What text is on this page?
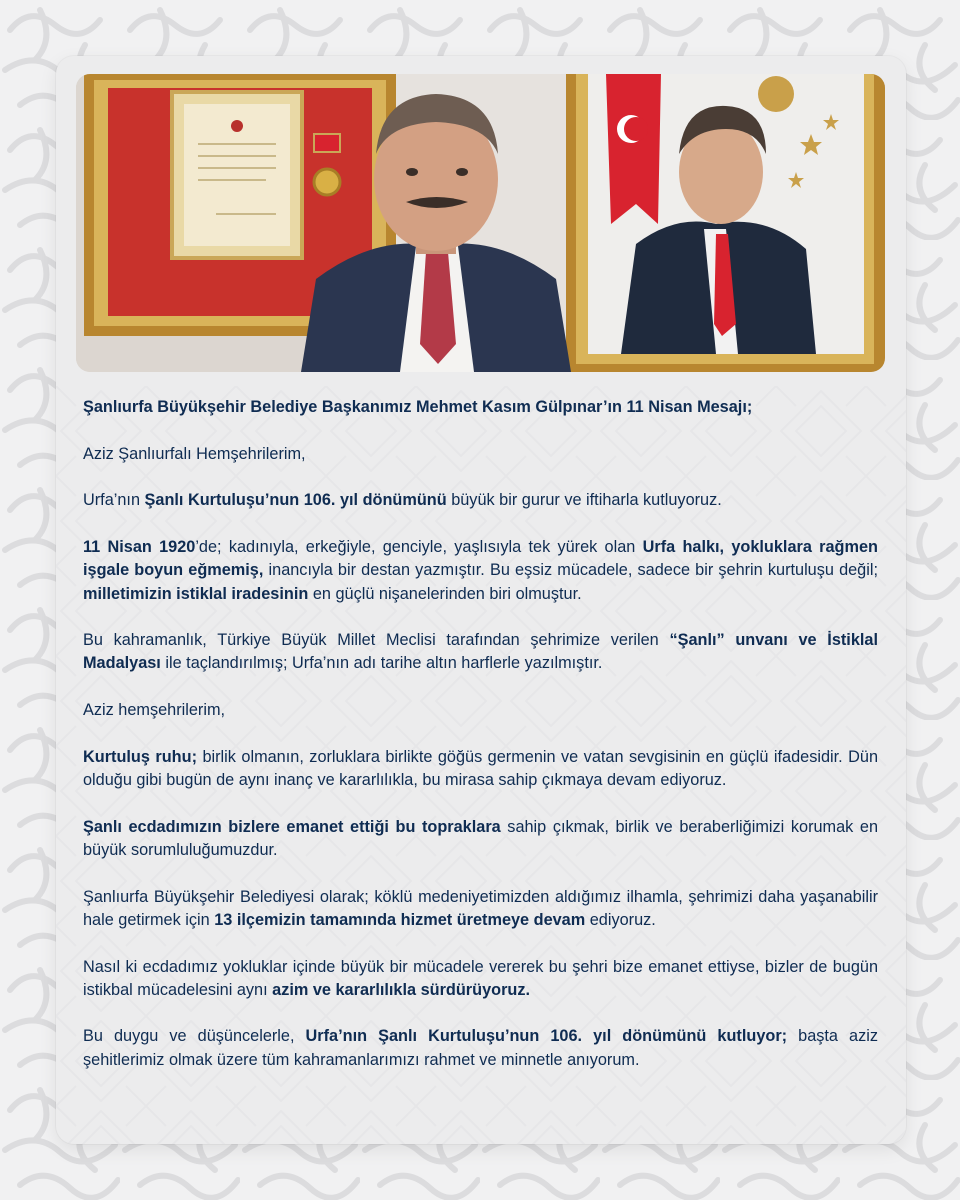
Şanlıurfa Büyükşehir Belediye Başkanımız Mehmet Kasım Gülpınar’ın 11 Nisan Mesajı;

Aziz Şanlıurfalı Hemşehrilerim,

Urfa’nın Şanlı Kurtuluşu’nun 106. yıl dönümünü büyük bir gurur ve iftiharla kutluyoruz.

11 Nisan 1920’de; kadınıyla, erkeğiyle, genciyle, yaşlısıyla tek yürek olan Urfa halkı, yokluklara rağmen işgale boyun eğmemiş, inancıyla bir destan yazmıştır. Bu eşsiz mücadele, sadece bir şehrin kurtuluşu değil; milletimizin istiklal iradesinin en güçlü nişanelerinden biri olmuştur.

Bu kahramanlık, Türkiye Büyük Millet Meclisi tarafından şehrimize verilen “Şanlı” unvanı ve İstiklal Madalyası ile taçlandırılmış; Urfa’nın adı tarihe altın harflerle yazılmıştır.

Aziz hemşehrilerim,

Kurtuluş ruhu; birlik olmanın, zorluklara birlikte göğüs germenin ve vatan sevgisinin en güçlü ifadesidir. Dün olduğu gibi bugün de aynı inanç ve kararlılıkla, bu mirasa sahip çıkmaya devam ediyoruz.

Şanlı ecdadımızın bizlere emanet ettiği bu topraklara sahip çıkmak, birlik ve beraberliğimizi korumak en büyük sorumluluğumuzdur.

Şanlıurfa Büyükşehir Belediyesi olarak; köklü medeniyetimizden aldığımız ilhamla, şehrimizi daha yaşanabilir hale getirmek için 13 ilçemizin tamamında hizmet üretmeye devam ediyoruz.

Nasıl ki ecdadımız yokluklar içinde büyük bir mücadele vererek bu şehri bize emanet ettiyse, bizler de bugün istikbal mücadelesini aynı azim ve kararlılıkla sürdürüyoruz.

Bu duygu ve düşüncelerle, Urfa’nın Şanlı Kurtuluşu’nun 106. yıl dönümünü kutluyor; başta aziz şehitlerimiz olmak üzere tüm kahramanlarımızı rahmet ve minnetle anıyorum.
